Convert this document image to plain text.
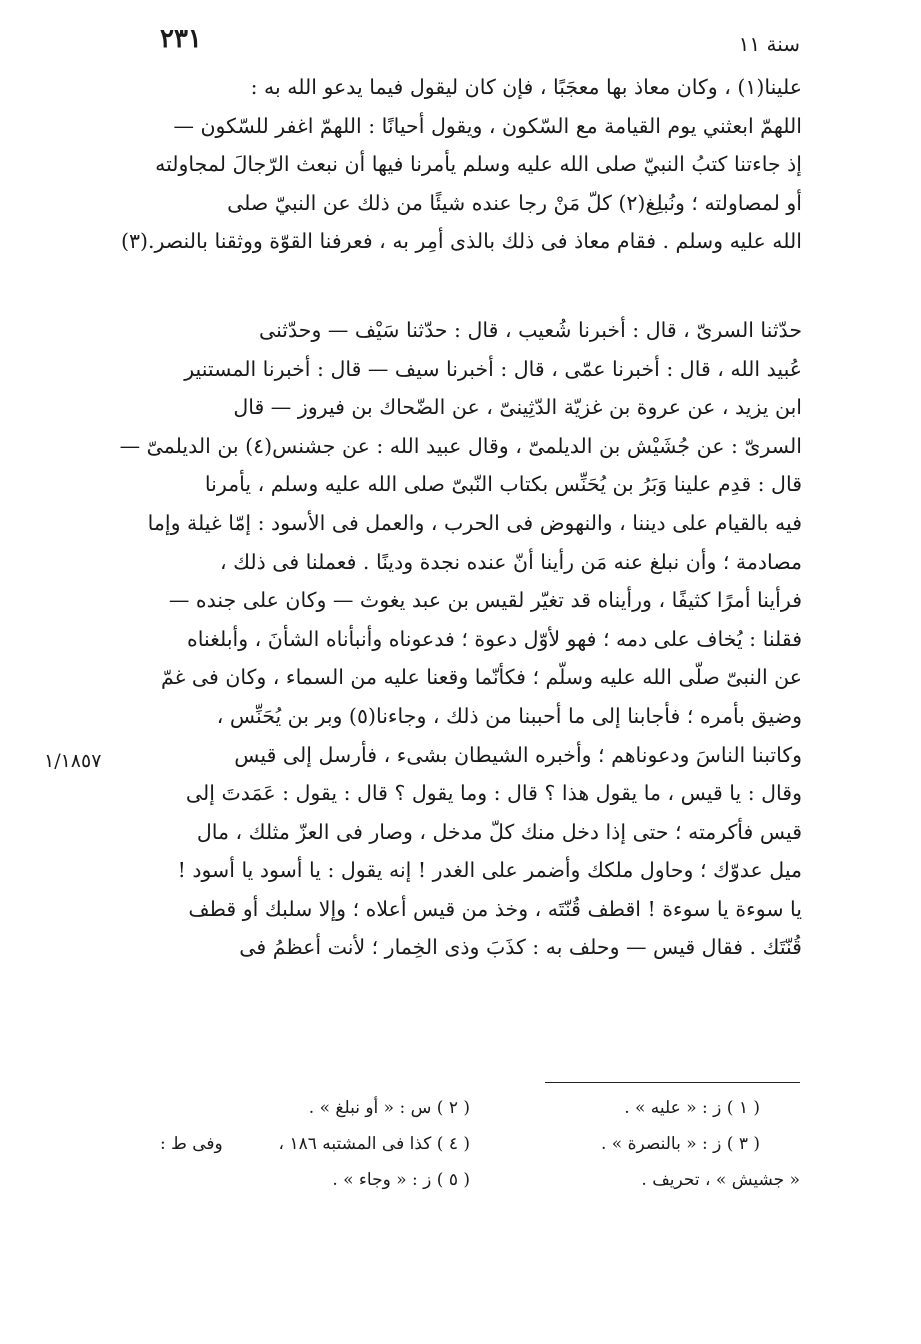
٢٣١	سنة ١١
علينا(١) ، وكان معاذ بها معجَبًا ، فإن كان ليقول فيما يدعو الله به :
اللهمّ ابعثني يوم القيامة مع السّكون ، ويقول أحيانًا : اللهمّ اغفر للسّكون —
إذ جاءتنا كتبُ النبيّ صلى الله عليه وسلم يأمرنا فيها أن نبعث الرّجالَ لمجاولته
أو لمصاولته ؛ ونُبلِغ(٢) كلّ مَنْ رجا عنده شيئًا من ذلك عن النبيّ صلى
الله عليه وسلم . فقام معاذ فى ذلك بالذى أمِر به ، فعرفنا القوّة ووثقنا بالنصر.(٣)
حدّثنا السرىّ ، قال : أخبرنا شُعيب ، قال : حدّثنا سَيْف — وحدّثنى
عُبيد الله ، قال : أخبرنا عمّى ، قال : أخبرنا سيف — قال : أخبرنا المستنير
ابن يزيد ، عن عروة بن غزيّة الدّثِينىّ ، عن الضّحاك بن فيروز — قال
السرىّ : عن جُشَيْش بن الديلمىّ ، وقال عبيد الله : عن جشنس(٤) بن الديلمىّ —
قال : قدِم علينا وَبَرُ بن يُحَنِّس بكتاب النّبىّ صلى الله عليه وسلم ، يأمرنا
فيه بالقيام على ديننا ، والنهوض فى الحرب ، والعمل فى الأسود : إمّا غيلة وإما
مصادمة ؛ وأن نبلغ عنه مَن رأينا أنّ عنده نجدة ودينًا . فعملنا فى ذلك ،
فرأينا أمرًا كثيفًا ، ورأيناه قد تغيّر لقيس بن عبد يغوث — وكان على جنده —
فقلنا : يُخاف على دمه ؛ فهو لأوّل دعوة ؛ فدعوناه وأنبأناه الشأنَ ، وأبلغناه
عن النبىّ صلّى الله عليه وسلّم ؛ فكأنّما وقعنا عليه من السماء ، وكان فى غمّ
وضيق بأمره ؛ فأجابنا إلى ما أحببنا من ذلك ، وجاءنا(٥) وبر بن يُحَنِّس ،
وكاتبنا الناسَ ودعوناهم ؛ وأخبره الشيطان بشىء ، فأرسل إلى قيس
وقال : يا قيس ، ما يقول هذا ؟ قال : وما يقول ؟ قال : يقول : عَمَدتَ إلى
قيس فأكرمته ؛ حتى إذا دخل منك كلّ مدخل ، وصار فى العزّ مثلك ، مال
ميل عدوّك ؛ وحاول ملكك وأضمر على الغدر ! إنه يقول : يا أسود يا أسود !
يا سوءة يا سوءة ! اقطف قُنّتَه ، وخذ من قيس أعلاه ؛ وإلا سلبك أو قطف
قُنّتَك . فقال قيس — وحلف به : كذَبَ وذى الخِمار ؛ لأنت أعظمُ فى
١/١٨٥٧
( ١ ) ز : « عليه » .
( ٢ ) س : « أو نبلغ » .
( ٣ ) ز : « بالنصرة » .
( ٤ ) كذا فى المشتبه ١٨٦ ،
وفى ط :
« جشيش » ، تحريف .
( ٥ ) ز : « وجاء » .
